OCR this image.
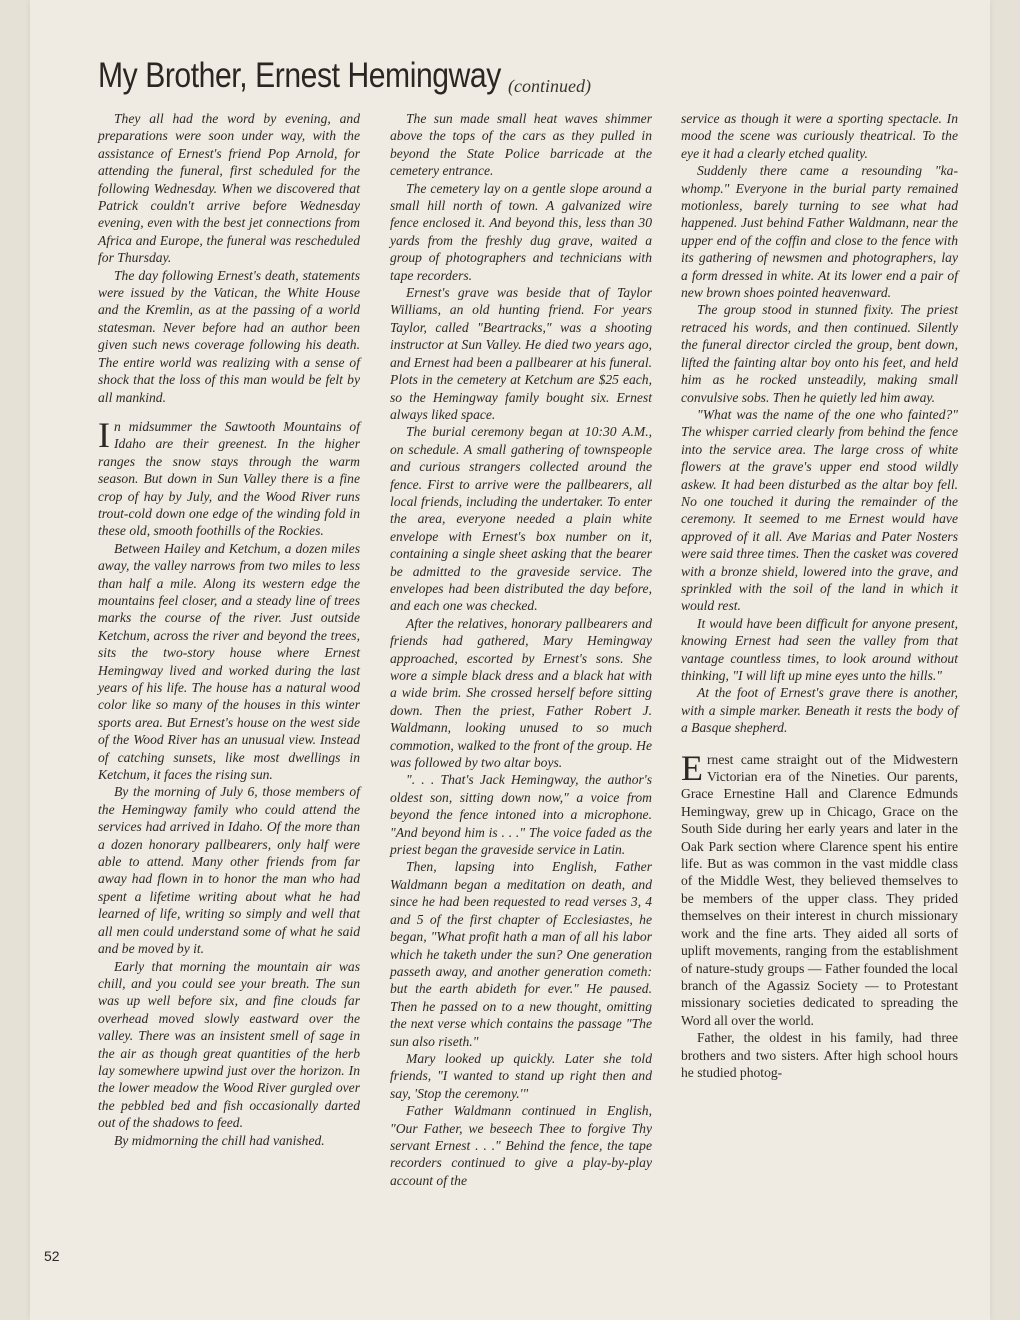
My Brother, Ernest Hemingway (continued)

They all had the word by evening, and preparations were soon under way, with the assistance of Ernest's friend Pop Arnold, for attending the funeral, first scheduled for the following Wednesday. When we discovered that Patrick couldn't arrive before Wednesday evening, even with the best jet connections from Africa and Europe, the funeral was rescheduled for Thursday.

The day following Ernest's death, statements were issued by the Vatican, the White House and the Kremlin, as at the passing of a world statesman. Never before had an author been given such news coverage following his death. The entire world was realizing with a sense of shock that the loss of this man would be felt by all mankind.

In midsummer the Sawtooth Mountains of Idaho are their greenest. In the higher ranges the snow stays through the warm season. But down in Sun Valley there is a fine crop of hay by July, and the Wood River runs trout-cold down one edge of the winding fold in these old, smooth foothills of the Rockies.

Between Hailey and Ketchum, a dozen miles away, the valley narrows from two miles to less than half a mile. Along its western edge the mountains feel closer, and a steady line of trees marks the course of the river. Just outside Ketchum, across the river and beyond the trees, sits the two-story house where Ernest Hemingway lived and worked during the last years of his life. The house has a natural wood color like so many of the houses in this winter sports area. But Ernest's house on the west side of the Wood River has an unusual view. Instead of catching sunsets, like most dwellings in Ketchum, it faces the rising sun.

By the morning of July 6, those members of the Hemingway family who could attend the services had arrived in Idaho. Of the more than a dozen honorary pallbearers, only half were able to attend. Many other friends from far away had flown in to honor the man who had spent a lifetime writing about what he had learned of life, writing so simply and well that all men could understand some of what he said and be moved by it.

Early that morning the mountain air was chill, and you could see your breath. The sun was up well before six, and fine clouds far overhead moved slowly eastward over the valley. There was an insistent smell of sage in the air as though great quantities of the herb lay somewhere upwind just over the horizon. In the lower meadow the Wood River gurgled over the pebbled bed and fish occasionally darted out of the shadows to feed.

By midmorning the chill had vanished.

The sun made small heat waves shimmer above the tops of the cars as they pulled in beyond the State Police barricade at the cemetery entrance.

The cemetery lay on a gentle slope around a small hill north of town. A galvanized wire fence enclosed it. And beyond this, less than 30 yards from the freshly dug grave, waited a group of photographers and technicians with tape recorders.

Ernest's grave was beside that of Taylor Williams, an old hunting friend. For years Taylor, called "Beartracks," was a shooting instructor at Sun Valley. He died two years ago, and Ernest had been a pallbearer at his funeral. Plots in the cemetery at Ketchum are $25 each, so the Hemingway family bought six. Ernest always liked space.

The burial ceremony began at 10:30 A.M., on schedule. A small gathering of townspeople and curious strangers collected around the fence. First to arrive were the pallbearers, all local friends, including the undertaker. To enter the area, everyone needed a plain white envelope with Ernest's box number on it, containing a single sheet asking that the bearer be admitted to the graveside service. The envelopes had been distributed the day before, and each one was checked.

After the relatives, honorary pallbearers and friends had gathered, Mary Hemingway approached, escorted by Ernest's sons. She wore a simple black dress and a black hat with a wide brim. She crossed herself before sitting down. Then the priest, Father Robert J. Waldmann, looking unused to so much commotion, walked to the front of the group. He was followed by two altar boys.

". . . That's Jack Hemingway, the author's oldest son, sitting down now," a voice from beyond the fence intoned into a microphone. "And beyond him is . . ." The voice faded as the priest began the graveside service in Latin.

Then, lapsing into English, Father Waldmann began a meditation on death, and since he had been requested to read verses 3, 4 and 5 of the first chapter of Ecclesiastes, he began, "What profit hath a man of all his labor which he taketh under the sun? One generation passeth away, and another generation cometh: but the earth abideth for ever." He paused. Then he passed on to a new thought, omitting the next verse which contains the passage "The sun also riseth."

Mary looked up quickly. Later she told friends, "I wanted to stand up right then and say, 'Stop the ceremony.'"

Father Waldmann continued in English, "Our Father, we beseech Thee to forgive Thy servant Ernest . . ." Behind the fence, the tape recorders continued to give a play-by-play account of the

service as though it were a sporting spectacle. In mood the scene was curiously theatrical. To the eye it had a clearly etched quality.

Suddenly there came a resounding "ka-whomp." Everyone in the burial party remained motionless, barely turning to see what had happened. Just behind Father Waldmann, near the upper end of the coffin and close to the fence with its gathering of newsmen and photographers, lay a form dressed in white. At its lower end a pair of new brown shoes pointed heavenward.

The group stood in stunned fixity. The priest retraced his words, and then continued. Silently the funeral director circled the group, bent down, lifted the fainting altar boy onto his feet, and held him as he rocked unsteadily, making small convulsive sobs. Then he quietly led him away.

"What was the name of the one who fainted?" The whisper carried clearly from behind the fence into the service area. The large cross of white flowers at the grave's upper end stood wildly askew. It had been disturbed as the altar boy fell. No one touched it during the remainder of the ceremony. It seemed to me Ernest would have approved of it all. Ave Marias and Pater Nosters were said three times. Then the casket was covered with a bronze shield, lowered into the grave, and sprinkled with the soil of the land in which it would rest.

It would have been difficult for anyone present, knowing Ernest had seen the valley from that vantage countless times, to look around without thinking, "I will lift up mine eyes unto the hills."

At the foot of Ernest's grave there is another, with a simple marker. Beneath it rests the body of a Basque shepherd.

Ernest came straight out of the Midwestern Victorian era of the Nineties. Our parents, Grace Ernestine Hall and Clarence Edmunds Hemingway, grew up in Chicago, Grace on the South Side during her early years and later in the Oak Park section where Clarence spent his entire life. But as was common in the vast middle class of the Middle West, they believed themselves to be members of the upper class. They prided themselves on their interest in church missionary work and the fine arts. They aided all sorts of uplift movements, ranging from the establishment of nature-study groups — Father founded the local branch of the Agassiz Society — to Protestant missionary societies dedicated to spreading the Word all over the world.

Father, the oldest in his family, had three brothers and two sisters. After high school hours he studied photog-

52
